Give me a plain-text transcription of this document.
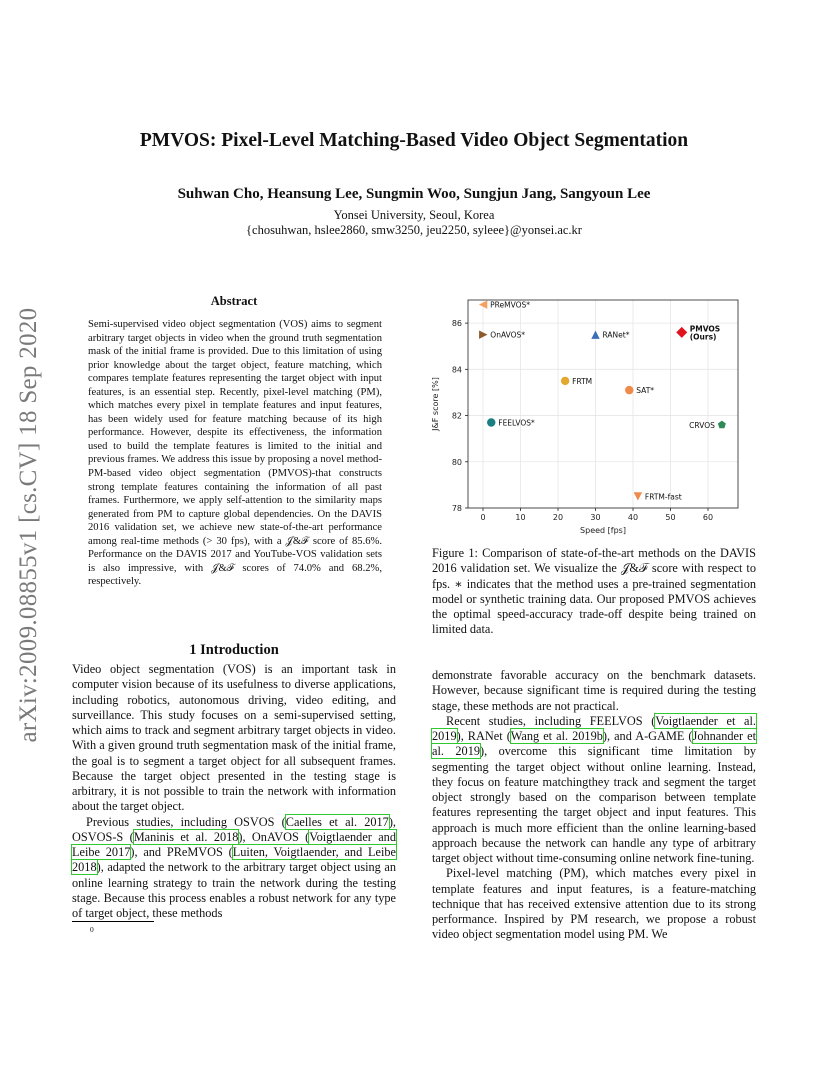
arXiv:2009.08855v1 [cs.CV] 18 Sep 2020
PMVOS: Pixel-Level Matching-Based Video Object Segmentation
Suhwan Cho, Heansung Lee, Sungmin Woo, Sungjun Jang, Sangyoun Lee
Yonsei University, Seoul, Korea
{chosuhwan, hslee2860, smw3250, jeu2250, syleee}@yonsei.ac.kr
Abstract
Semi-supervised video object segmentation (VOS) aims to segment arbitrary target objects in video when the ground truth segmentation mask of the initial frame is provided. Due to this limitation of using prior knowledge about the target object, feature matching, which compares template features representing the target object with input features, is an essential step. Recently, pixel-level matching (PM), which matches every pixel in template features and input features, has been widely used for feature matching because of its high performance. However, despite its effectiveness, the information used to build the template features is limited to the initial and previous frames. We address this issue by proposing a novel method-PM-based video object segmentation (PMVOS)-that constructs strong template features containing the information of all past frames. Furthermore, we apply self-attention to the similarity maps generated from PM to capture global dependencies. On the DAVIS 2016 validation set, we achieve new state-of-the-art performance among real-time methods (> 30 fps), with a 𝒥&ℱ score of 85.6%. Performance on the DAVIS 2017 and YouTube-VOS validation sets is also impressive, with 𝒥&ℱ scores of 74.0% and 68.2%, respectively.
1 Introduction

Video object segmentation (VOS) is an important task in computer vision because of its usefulness to diverse applications, including robotics, autonomous driving, video editing, and surveillance. This study focuses on a semi-supervised setting, which aims to track and segment arbitrary target objects in video. With a given ground truth segmentation mask of the initial frame, the goal is to segment a target object for all subsequent frames. Because the target object presented in the testing stage is arbitrary, it is not possible to train the network with information about the target object.

Previous studies, including OSVOS (Caelles et al. 2017), OSVOS-S (Maninis et al. 2018), OnAVOS (Voigtlaender and Leibe 2017), and PReMVOS (Luiten, Voigtlaender, and Leibe 2018), adapted the network to the arbitrary target object using an online learning strategy to train the network during the testing stage. Because this process enables a robust network for any type of target object, these methods

0
0	10	20	30	40	50	60
78
80
82
84
86
Speed [fps]
J&F score [%]
PReMVOS*
OnAVOS*	RANet*
PMVOS (Ours)
FRTM
SAT*
FEELVOS*	CRVOS
FRTM-fast
Figure 1: Comparison of state-of-the-art methods on the DAVIS 2016 validation set. We visualize the 𝒥&ℱ score with respect to fps. ∗ indicates that the method uses a pre-trained segmentation model or synthetic training data. Our proposed PMVOS achieves the optimal speed-accuracy trade-off despite being trained on limited data.

demonstrate favorable accuracy on the benchmark datasets. However, because significant time is required during the testing stage, these methods are not practical.

Recent studies, including FEELVOS (Voigtlaender et al. 2019), RANet (Wang et al. 2019b), and A-GAME (Johnander et al. 2019), overcome this significant time limitation by segmenting the target object without online learning. Instead, they focus on feature matchingthey track and segment the target object strongly based on the comparison between template features representing the target object and input features. This approach is much more efficient than the online learning-based approach because the network can handle any type of arbitrary target object without time-consuming online network fine-tuning.

Pixel-level matching (PM), which matches every pixel in template features and input features, is a feature-matching technique that has received extensive attention due to its strong performance. Inspired by PM research, we propose a robust video object segmentation model using PM. We
